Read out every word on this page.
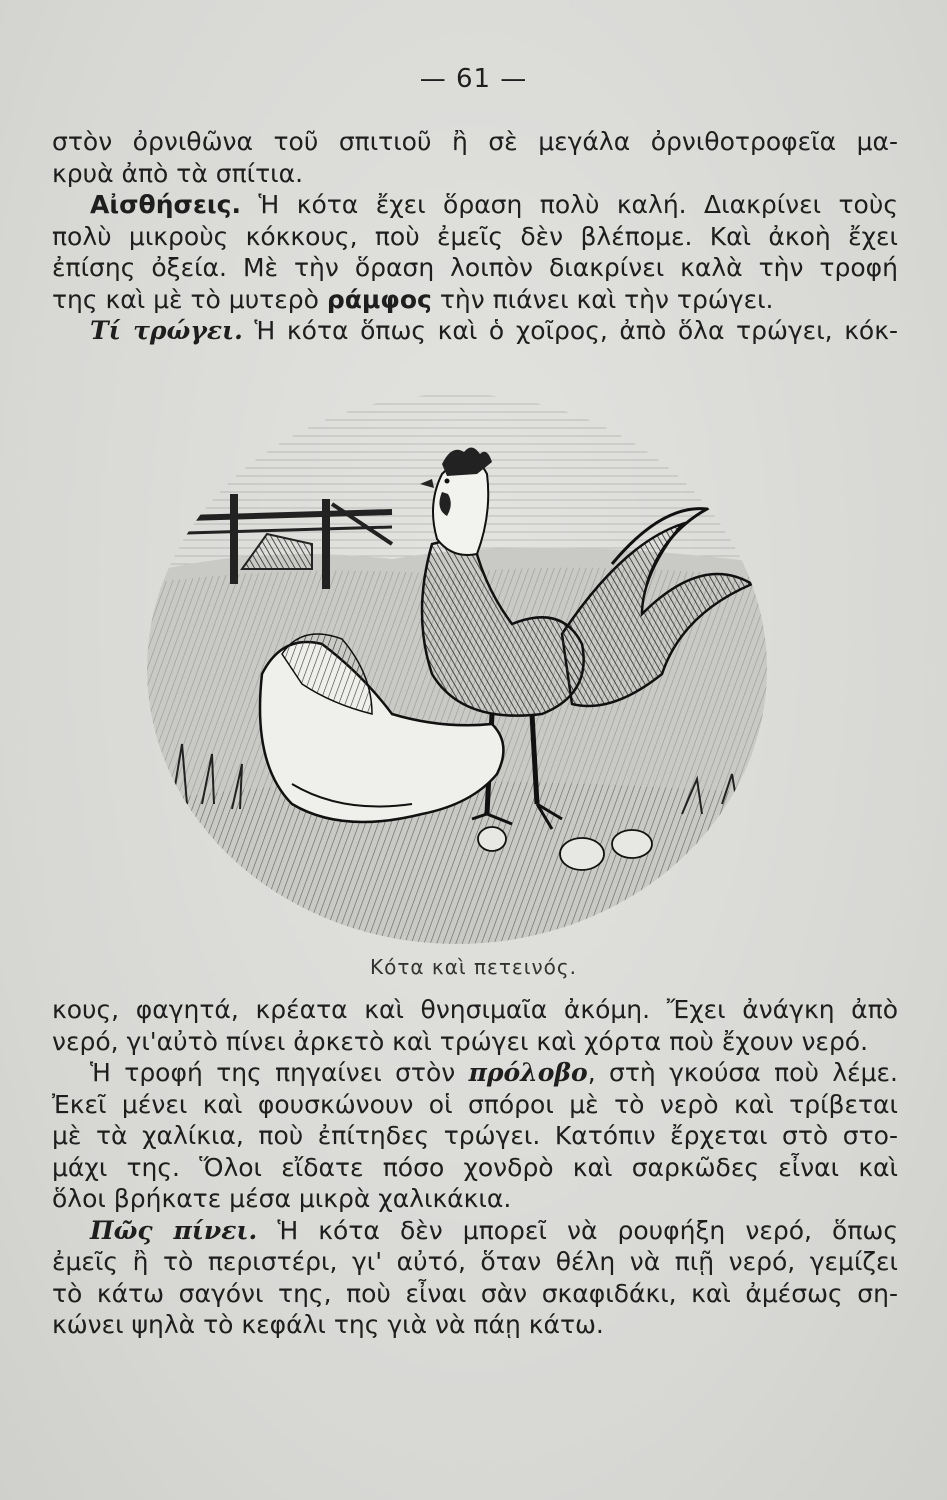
— 61 —
στὸν ὀρνιθῶνα τοῦ σπιτιοῦ ἢ σὲ μεγάλα ὀρνιθοτροφεῖα μα-
κρυὰ ἀπὸ τὰ σπίτια.
Αἰσθήσεις. Ἡ κότα ἔχει ὅραση πολὺ καλή. Διακρίνει τοὺς
πολὺ μικροὺς κόκκους, ποὺ ἐμεῖς δὲν βλέπομε. Καὶ ἀκοὴ ἔχει
ἐπίσης ὀξεία. Μὲ τὴν ὅραση λοιπὸν διακρίνει καλὰ τὴν τροφή
της καὶ μὲ τὸ μυτερὸ ράμφος τὴν πιάνει καὶ τὴν τρώγει.
Τί τρώγει. Ἡ κότα ὅπως καὶ ὁ χοῖρος, ἀπὸ ὅλα τρώγει, κόκ-
Κότα καὶ πετεινός.
κους, φαγητά, κρέατα καὶ θνησιμαῖα ἀκόμη. Ἔχει ἀνάγκη ἀπὸ
νερό, γι'αὐτὸ πίνει ἀρκετὸ καὶ τρώγει καὶ χόρτα ποὺ ἔχουν νερό.
Ἡ τροφή της πηγαίνει στὸν πρόλοβο, στὴ γκούσα ποὺ λέμε.
Ἐκεῖ μένει καὶ φουσκώνουν οἱ σπόροι μὲ τὸ νερὸ καὶ τρίβεται
μὲ τὰ χαλίκια, ποὺ ἐπίτηδες τρώγει. Κατόπιν ἔρχεται στὸ στο-
μάχι της. Ὅλοι εἴδατε πόσο χονδρὸ καὶ σαρκῶδες εἶναι καὶ
ὅλοι βρήκατε μέσα μικρὰ χαλικάκια.
Πῶς πίνει. Ἡ κότα δὲν μπορεῖ νὰ ρουφήξη νερό, ὅπως
ἐμεῖς ἢ τὸ περιστέρι, γι' αὐτό, ὅταν θέλη νὰ πιῇ νερό, γεμίζει
τὸ κάτω σαγόνι της, ποὺ εἶναι σὰν σκαφιδάκι, καὶ ἀμέσως ση-
κώνει ψηλὰ τὸ κεφάλι της γιὰ νὰ πάῃ κάτω.
